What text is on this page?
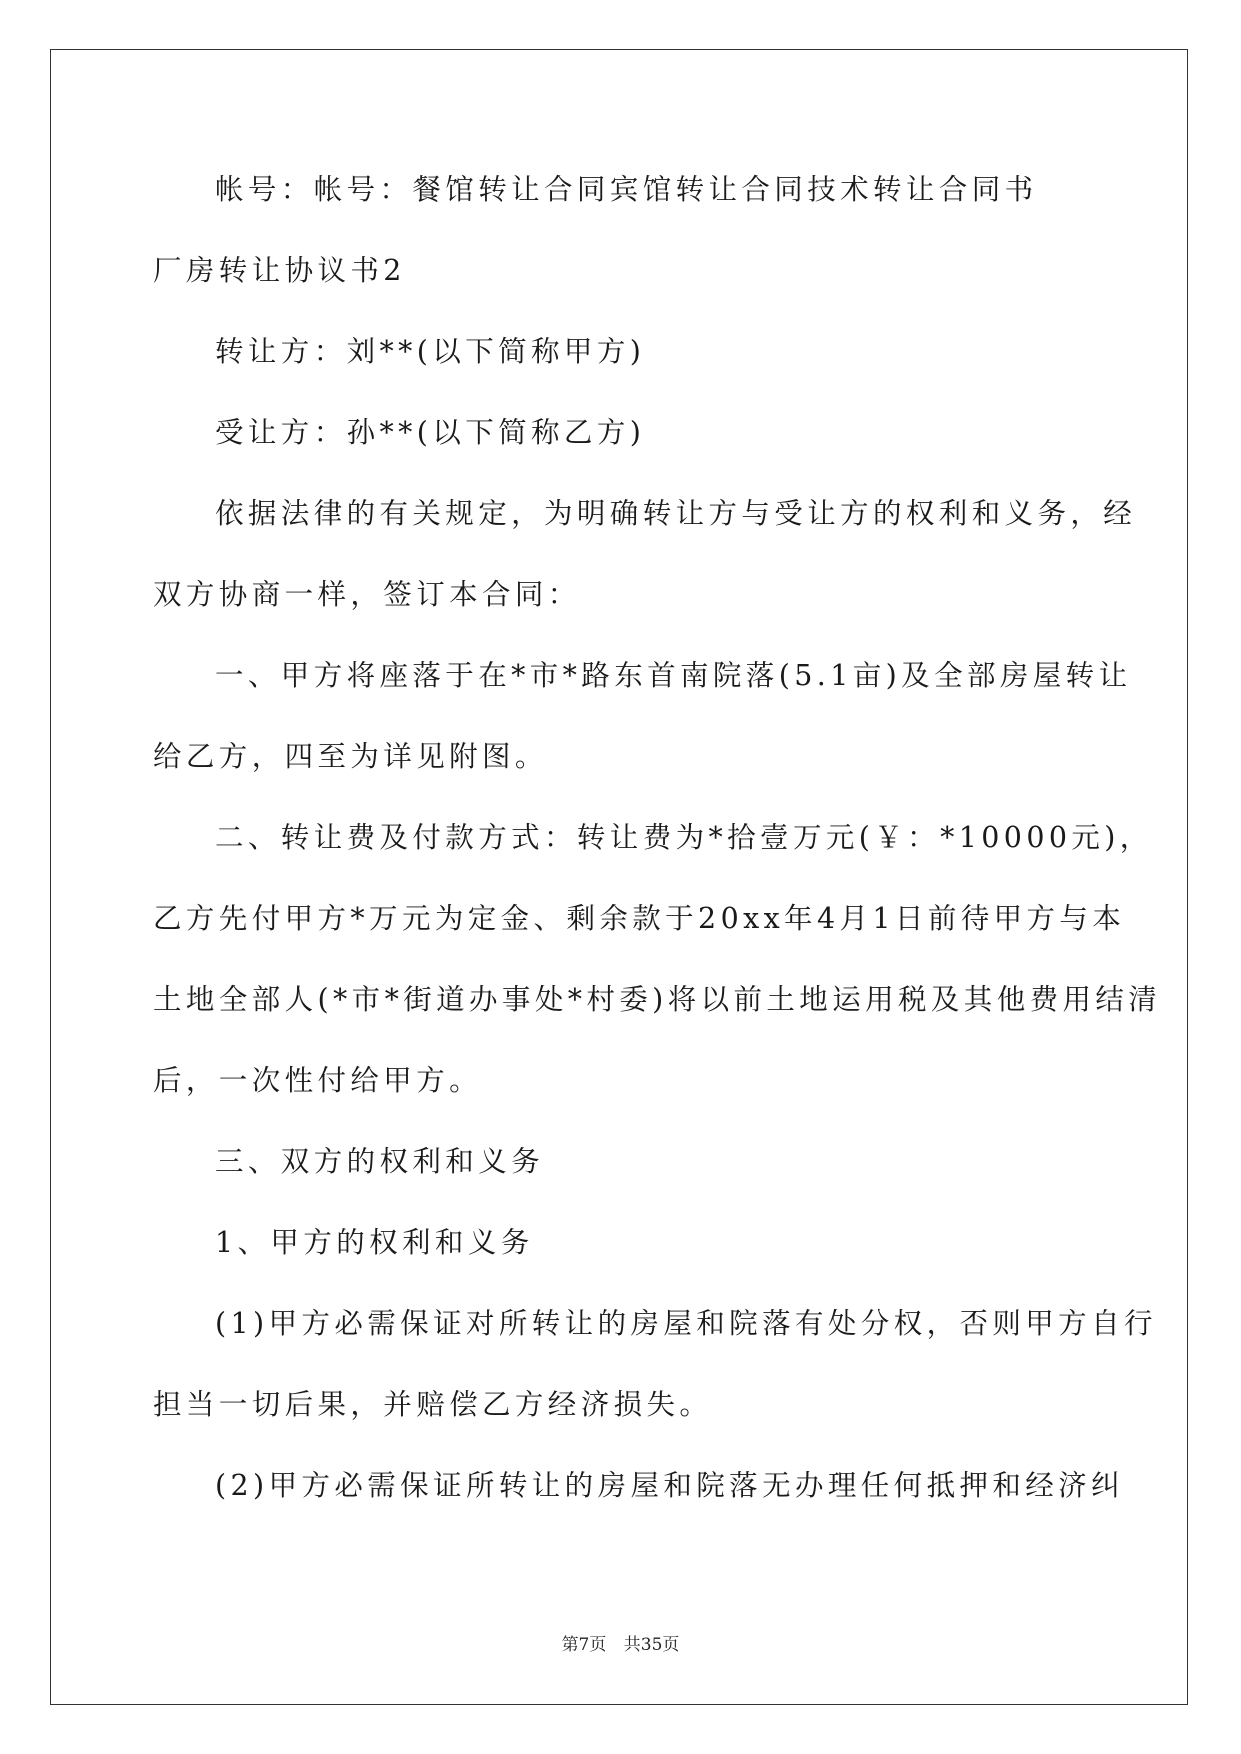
帐号：帐号：餐馆转让合同宾馆转让合同技术转让合同书
厂房转让协议书2
转让方：刘**(以下简称甲方)
受让方：孙**(以下简称乙方)
依据法律的有关规定，为明确转让方与受让方的权利和义务，经
双方协商一样，签订本合同：
一、甲方将座落于在*市*路东首南院落(5.1亩)及全部房屋转让
给乙方，四至为详见附图。
二、转让费及付款方式：转让费为*拾壹万元(￥：*10000元)，
乙方先付甲方*万元为定金、剩余款于20xx年4月1日前待甲方与本
土地全部人(*市*街道办事处*村委)将以前土地运用税及其他费用结清
后，一次性付给甲方。
三、双方的权利和义务
1、甲方的权利和义务
(1)甲方必需保证对所转让的房屋和院落有处分权，否则甲方自行
担当一切后果，并赔偿乙方经济损失。
(2)甲方必需保证所转让的房屋和院落无办理任何抵押和经济纠
第7页 共35页
